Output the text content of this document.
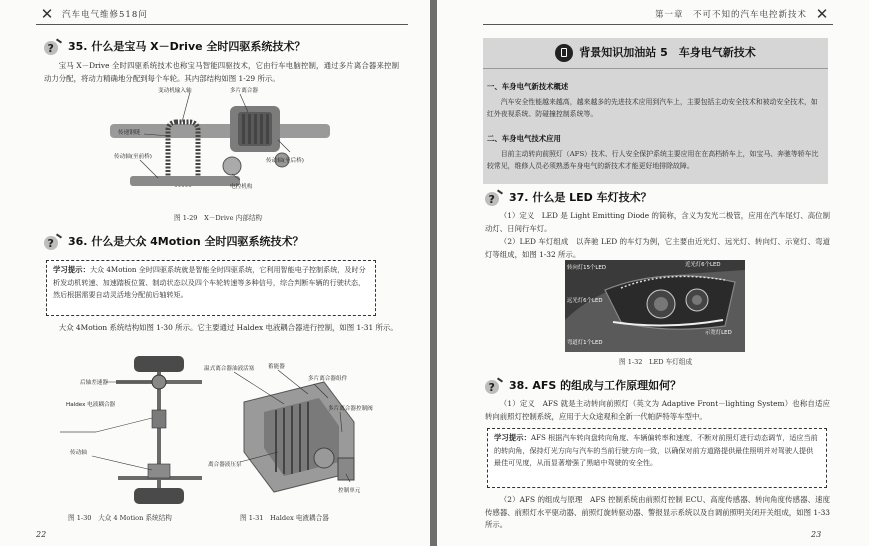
✕	汽车电气维修518问
? 35. 什么是宝马 X－Drive 全时四驱系统技术？
宝马 X－Drive 全时四驱系统技术也称宝马智能四驱技术，它由行车电脑控制，通过多片离合器来控制动力分配，将动力精确地分配到每个车轮。其内部结构如图 1-29 所示。
变动机输入轴	多片离合器
传递钢链
传动轴(至前桥)
传动轴(至后桥)
电控机构
图 1-29　X－Drive 内部结构
? 36. 什么是大众 4Motion 全时四驱系统技术？
学习提示：大众 4Motion 全时四驱系统就是智能全时四驱系统，它利用智能电子控制系统，及时分析发动机转速、加速踏板位置、制动状态以及四个车轮转速等多种信号，综合判断车辆的行驶状态，然后根据需要自动灵活地分配前后轴转矩。
大众 4Motion 系统结构如图 1-30 所示。它主要通过 Haldex 电液耦合器进行控制，如图 1-31 所示。
后轴差速器
Haldex 电液耦合器
传动轴
图 1-30　大众 4 Motion 系统结构
温式离合器油液活塞 蓄能器
多片离合器组件
多片离合器控制阀
离合器液压泵
控制单元
图 1-31　Haldex 电液耦合器
22
第一章　不可不知的汽车电控新技术 ✕
背景知识加油站 5　车身电气新技术
一、车身电气新技术概述
汽车安全性能越来越高，越来越多的先进技术应用到汽车上，主要包括主动安全技术和被动安全技术，如红外夜视系统、防碰撞控制系统等。
二、车身电气技术应用
目前主动转向前照灯（AFS）技术、行人安全保护系统主要应用在在高档轿车上，如宝马、奔驰等轿车比较常见，维修人员必须熟悉车身电气的新技术才能更好地排除故障。
? 37. 什么是 LED 车灯技术？
（1）定义　LED 是 Light Emitting Diode 的简称，含义为发光二极管，应用在汽车尾灯、高位制动灯、日间行车灯。
（2）LED 车灯组成　以奔驰 LED 的车灯为例，它主要由近光灯、远光灯、转向灯、示宽灯、弯道灯等组成，如图 1-32 所示。
转向灯15个LED
远光灯6个LED
近光灯6个LED
示宽灯LED
弯道灯1个LED
图 1-32　LED 车灯组成
? 38. AFS 的组成与工作原理如何？
（1）定义　AFS 就是主动转向前照灯（英文为 Adaptive Front－lighting System）也称自适应转向前照灯控制系统，应用于大众途观和全新一代帕萨特等车型中。
学习提示：AFS 根据汽车转向盘转向角度、车辆偏转率和速度，不断对前照灯进行动态调节，适应当前的转向角，保持灯光方向与汽车的当前行驶方向一致，以确保对前方道路提供最佳照明并对驾驶人提供最佳可见度，从而显著增强了黑暗中驾驶的安全性。
（2）AFS 的组成与原理　AFS 控制系统由前照灯控制 ECU、高度传感器、转向角度传感器、速度传感器、前照灯水平驱动器、前照灯旋转驱动器、警报显示系统以及自调前照明关闭开关组成，如图 1-33 所示。
23
